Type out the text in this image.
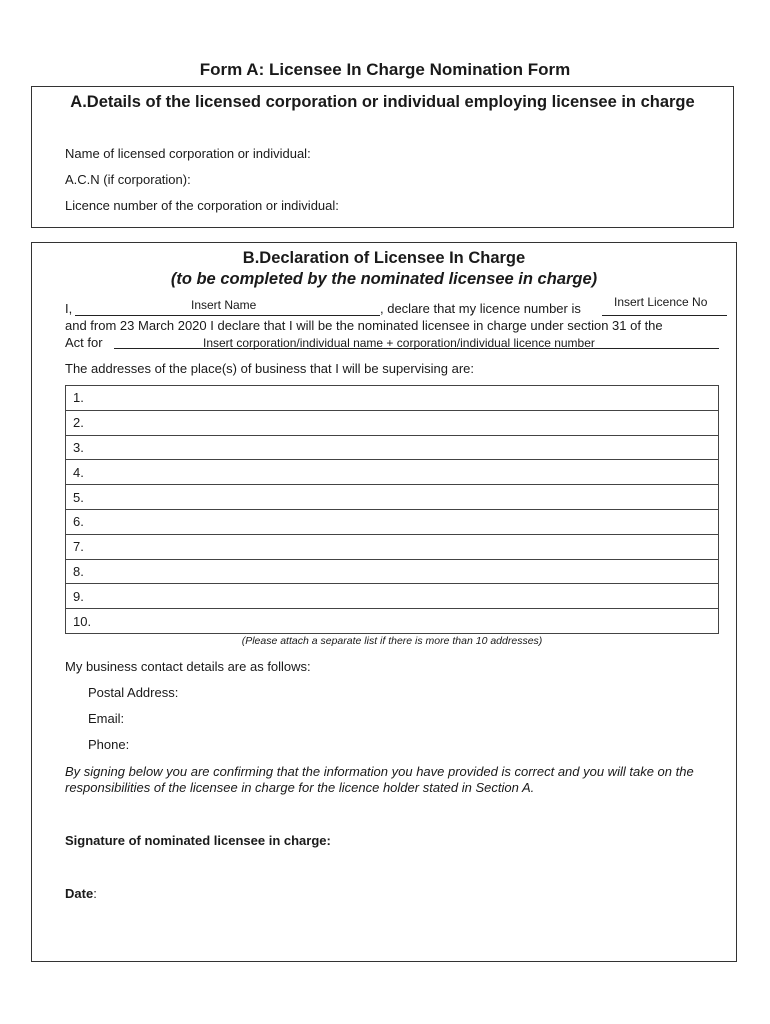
Form A: Licensee In Charge Nomination Form
A.Details of the licensed corporation or individual employing licensee in charge
Name of licensed corporation or individual:
A.C.N (if corporation):
Licence number of the corporation or individual:
B.Declaration of Licensee In Charge
(to be completed by the nominated licensee in charge)
I,	Insert Name	, declare that my licence number is	Insert Licence No
and from 23 March 2020 I declare that I will be the nominated licensee in charge under section 31 of the
Act for	Insert corporation/individual name + corporation/individual licence number
The addresses of the place(s) of business that I will be supervising are:
1.
2.
3.
4.
5.
6.
7.
8.
9.
10.
(Please attach a separate list if there is more than 10 addresses)
My business contact details are as follows:
Postal Address:
Email:
Phone:
By signing below you are confirming that the information you have provided is correct and you will take on the responsibilities of the licensee in charge for the licence holder stated in Section A.
Signature of nominated licensee in charge:
Date:
